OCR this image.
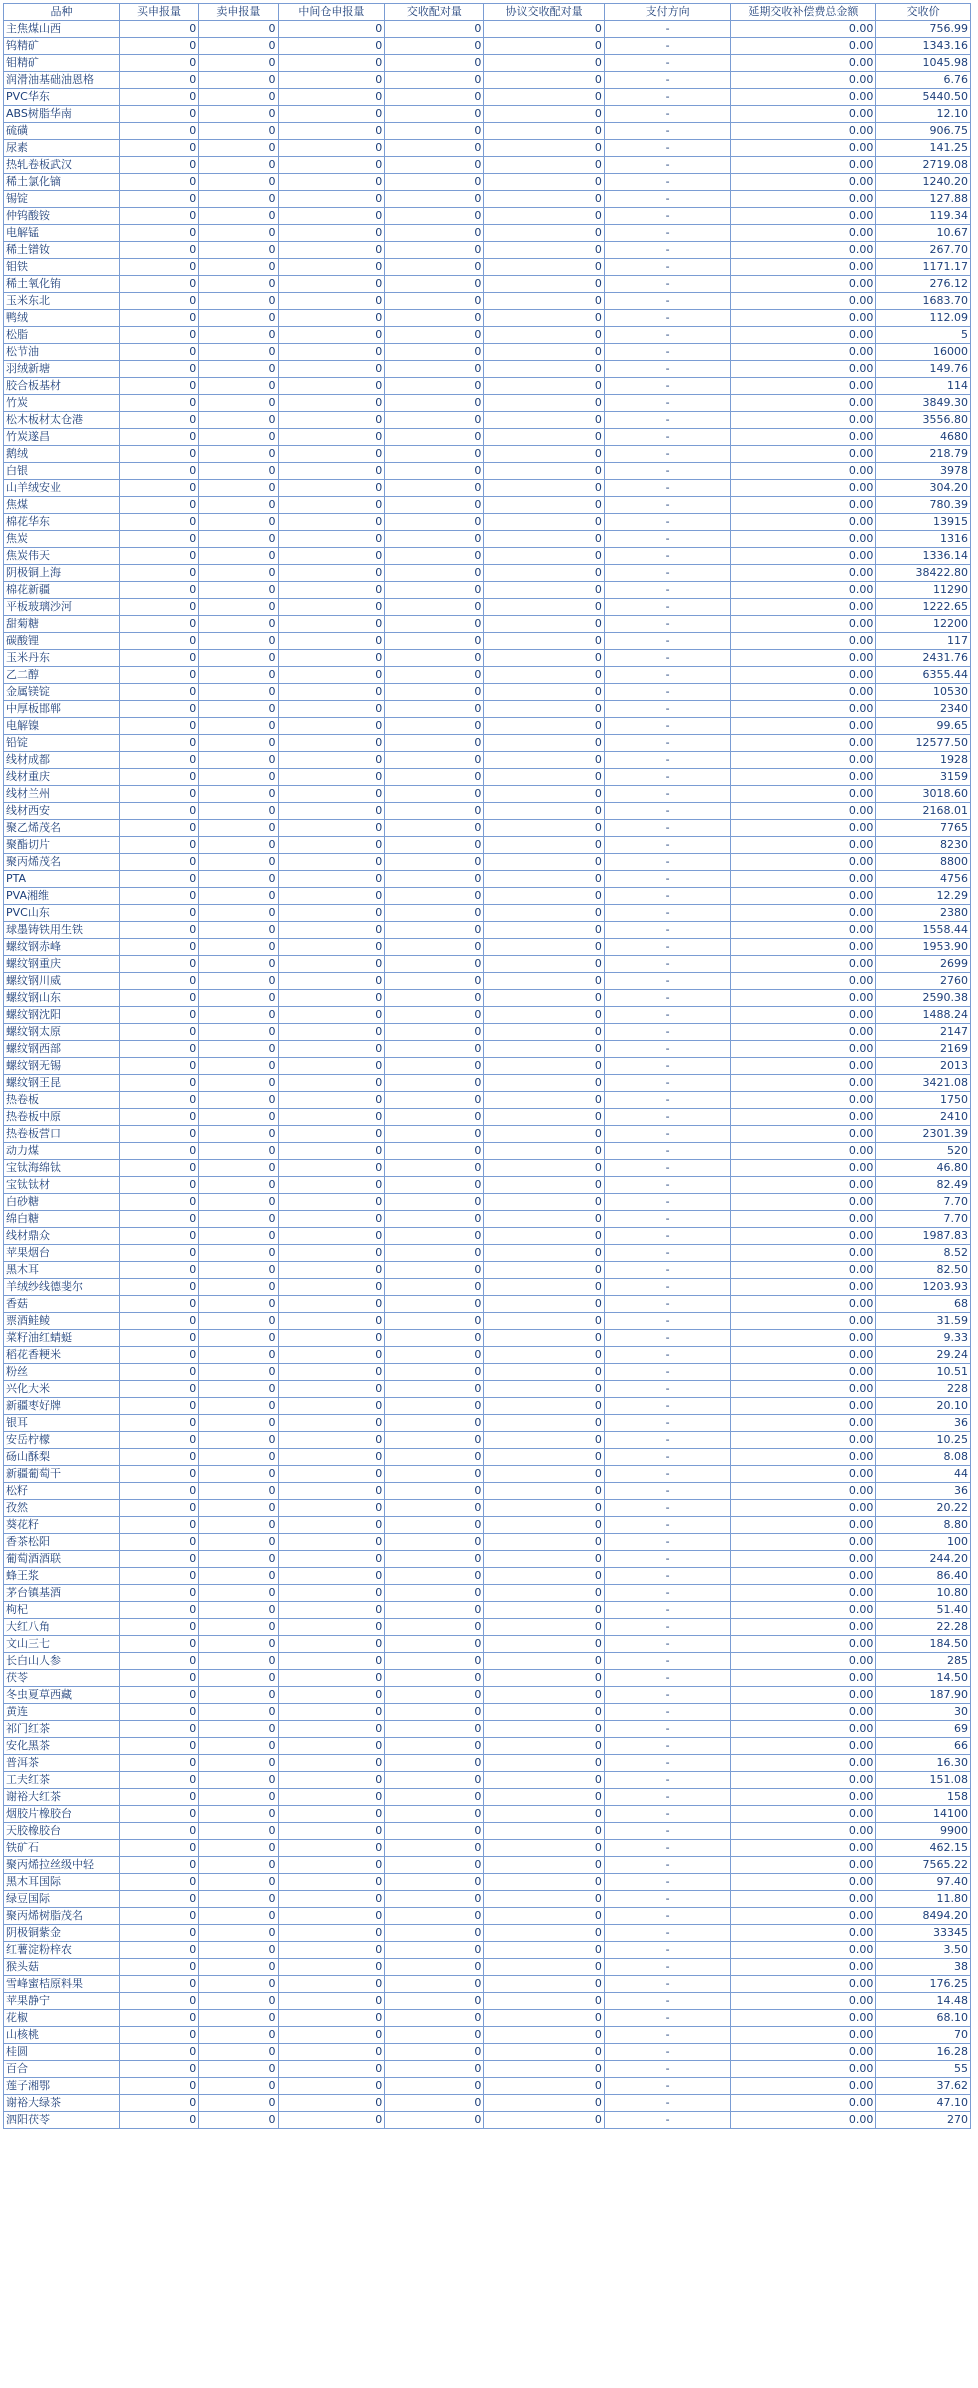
品种	买申报量	卖申报量	中间仓申报量	交收配对量	协议交收配对量	支付方向	延期交收补偿费总金额	交收价
主焦煤山西	0	0	0	0	0	-	0.00	756.99
钨精矿	0	0	0	0	0	-	0.00	1343.16
钼精矿	0	0	0	0	0	-	0.00	1045.98
润滑油基础油恩格	0	0	0	0	0	-	0.00	6.76
PVC华东	0	0	0	0	0	-	0.00	5440.50
ABS树脂华南	0	0	0	0	0	-	0.00	12.10
硫磺	0	0	0	0	0	-	0.00	906.75
尿素	0	0	0	0	0	-	0.00	141.25
热轧卷板武汉	0	0	0	0	0	-	0.00	2719.08
稀土氯化镝	0	0	0	0	0	-	0.00	1240.20
锡锭	0	0	0	0	0	-	0.00	127.88
仲钨酸铵	0	0	0	0	0	-	0.00	119.34
电解锰	0	0	0	0	0	-	0.00	10.67
稀土镨钕	0	0	0	0	0	-	0.00	267.70
钼铁	0	0	0	0	0	-	0.00	1171.17
稀土氧化铕	0	0	0	0	0	-	0.00	276.12
玉米东北	0	0	0	0	0	-	0.00	1683.70
鸭绒	0	0	0	0	0	-	0.00	112.09
松脂	0	0	0	0	0	-	0.00	5
松节油	0	0	0	0	0	-	0.00	16000
羽绒新塘	0	0	0	0	0	-	0.00	149.76
胶合板基材	0	0	0	0	0	-	0.00	114
竹炭	0	0	0	0	0	-	0.00	3849.30
松木板材太仓港	0	0	0	0	0	-	0.00	3556.80
竹炭遂昌	0	0	0	0	0	-	0.00	4680
鹅绒	0	0	0	0	0	-	0.00	218.79
白银	0	0	0	0	0	-	0.00	3978
山羊绒安业	0	0	0	0	0	-	0.00	304.20
焦煤	0	0	0	0	0	-	0.00	780.39
棉花华东	0	0	0	0	0	-	0.00	13915
焦炭	0	0	0	0	0	-	0.00	1316
焦炭伟天	0	0	0	0	0	-	0.00	1336.14
阴极铜上海	0	0	0	0	0	-	0.00	38422.80
棉花新疆	0	0	0	0	0	-	0.00	11290
平板玻璃沙河	0	0	0	0	0	-	0.00	1222.65
甜菊糖	0	0	0	0	0	-	0.00	12200
碳酸锂	0	0	0	0	0	-	0.00	117
玉米丹东	0	0	0	0	0	-	0.00	2431.76
乙二醇	0	0	0	0	0	-	0.00	6355.44
金属镁锭	0	0	0	0	0	-	0.00	10530
中厚板邯郸	0	0	0	0	0	-	0.00	2340
电解镍	0	0	0	0	0	-	0.00	99.65
铅锭	0	0	0	0	0	-	0.00	12577.50
线材成都	0	0	0	0	0	-	0.00	1928
线材重庆	0	0	0	0	0	-	0.00	3159
线材兰州	0	0	0	0	0	-	0.00	3018.60
线材西安	0	0	0	0	0	-	0.00	2168.01
聚乙烯茂名	0	0	0	0	0	-	0.00	7765
聚酯切片	0	0	0	0	0	-	0.00	8230
聚丙烯茂名	0	0	0	0	0	-	0.00	8800
PTA	0	0	0	0	0	-	0.00	4756
PVA湘维	0	0	0	0	0	-	0.00	12.29
PVC山东	0	0	0	0	0	-	0.00	2380
球墨铸铁用生铁	0	0	0	0	0	-	0.00	1558.44
螺纹钢赤峰	0	0	0	0	0	-	0.00	1953.90
螺纹钢重庆	0	0	0	0	0	-	0.00	2699
螺纹钢川威	0	0	0	0	0	-	0.00	2760
螺纹钢山东	0	0	0	0	0	-	0.00	2590.38
螺纹钢沈阳	0	0	0	0	0	-	0.00	1488.24
螺纹钢太原	0	0	0	0	0	-	0.00	2147
螺纹钢西部	0	0	0	0	0	-	0.00	2169
螺纹钢无锡	0	0	0	0	0	-	0.00	2013
螺纹钢王昆	0	0	0	0	0	-	0.00	3421.08
热卷板	0	0	0	0	0	-	0.00	1750
热卷板中原	0	0	0	0	0	-	0.00	2410
热卷板营口	0	0	0	0	0	-	0.00	2301.39
动力煤	0	0	0	0	0	-	0.00	520
宝钛海绵钛	0	0	0	0	0	-	0.00	46.80
宝钛钛材	0	0	0	0	0	-	0.00	82.49
白砂糖	0	0	0	0	0	-	0.00	7.70
绵白糖	0	0	0	0	0	-	0.00	7.70
线材鼎众	0	0	0	0	0	-	0.00	1987.83
苹果烟台	0	0	0	0	0	-	0.00	8.52
黑木耳	0	0	0	0	0	-	0.00	82.50
羊绒纱线德斐尔	0	0	0	0	0	-	0.00	1203.93
香菇	0	0	0	0	0	-	0.00	68
票酒鲑鲮	0	0	0	0	0	-	0.00	31.59
菜籽油红蜻蜓	0	0	0	0	0	-	0.00	9.33
稻花香粳米	0	0	0	0	0	-	0.00	29.24
粉丝	0	0	0	0	0	-	0.00	10.51
兴化大米	0	0	0	0	0	-	0.00	228
新疆枣好牌	0	0	0	0	0	-	0.00	20.10
银耳	0	0	0	0	0	-	0.00	36
安岳柠檬	0	0	0	0	0	-	0.00	10.25
砀山酥梨	0	0	0	0	0	-	0.00	8.08
新疆葡萄干	0	0	0	0	0	-	0.00	44
松籽	0	0	0	0	0	-	0.00	36
孜然	0	0	0	0	0	-	0.00	20.22
葵花籽	0	0	0	0	0	-	0.00	8.80
香茶松阳	0	0	0	0	0	-	0.00	100
葡萄酒酒联	0	0	0	0	0	-	0.00	244.20
蜂王浆	0	0	0	0	0	-	0.00	86.40
茅台镇基酒	0	0	0	0	0	-	0.00	10.80
枸杞	0	0	0	0	0	-	0.00	51.40
大红八角	0	0	0	0	0	-	0.00	22.28
文山三七	0	0	0	0	0	-	0.00	184.50
长白山人参	0	0	0	0	0	-	0.00	285
茯苓	0	0	0	0	0	-	0.00	14.50
冬虫夏草西藏	0	0	0	0	0	-	0.00	187.90
黄连	0	0	0	0	0	-	0.00	30
祁门红茶	0	0	0	0	0	-	0.00	69
安化黑茶	0	0	0	0	0	-	0.00	66
普洱茶	0	0	0	0	0	-	0.00	16.30
工夫红茶	0	0	0	0	0	-	0.00	151.08
谢裕大红茶	0	0	0	0	0	-	0.00	158
烟胶片橡胶台	0	0	0	0	0	-	0.00	14100
天胶橡胶台	0	0	0	0	0	-	0.00	9900
铁矿石	0	0	0	0	0	-	0.00	462.15
聚丙烯拉丝级中轻	0	0	0	0	0	-	0.00	7565.22
黑木耳国际	0	0	0	0	0	-	0.00	97.40
绿豆国际	0	0	0	0	0	-	0.00	11.80
聚丙烯树脂茂名	0	0	0	0	0	-	0.00	8494.20
阴极铜紫金	0	0	0	0	0	-	0.00	33345
红薯淀粉梓农	0	0	0	0	0	-	0.00	3.50
猴头菇	0	0	0	0	0	-	0.00	38
雪峰蜜桔原料果	0	0	0	0	0	-	0.00	176.25
苹果静宁	0	0	0	0	0	-	0.00	14.48
花椒	0	0	0	0	0	-	0.00	68.10
山核桃	0	0	0	0	0	-	0.00	70
桂圆	0	0	0	0	0	-	0.00	16.28
百合	0	0	0	0	0	-	0.00	55
莲子湘鄂	0	0	0	0	0	-	0.00	37.62
谢裕大绿茶	0	0	0	0	0	-	0.00	47.10
泗阳茯苓	0	0	0	0	0	-	0.00	270
